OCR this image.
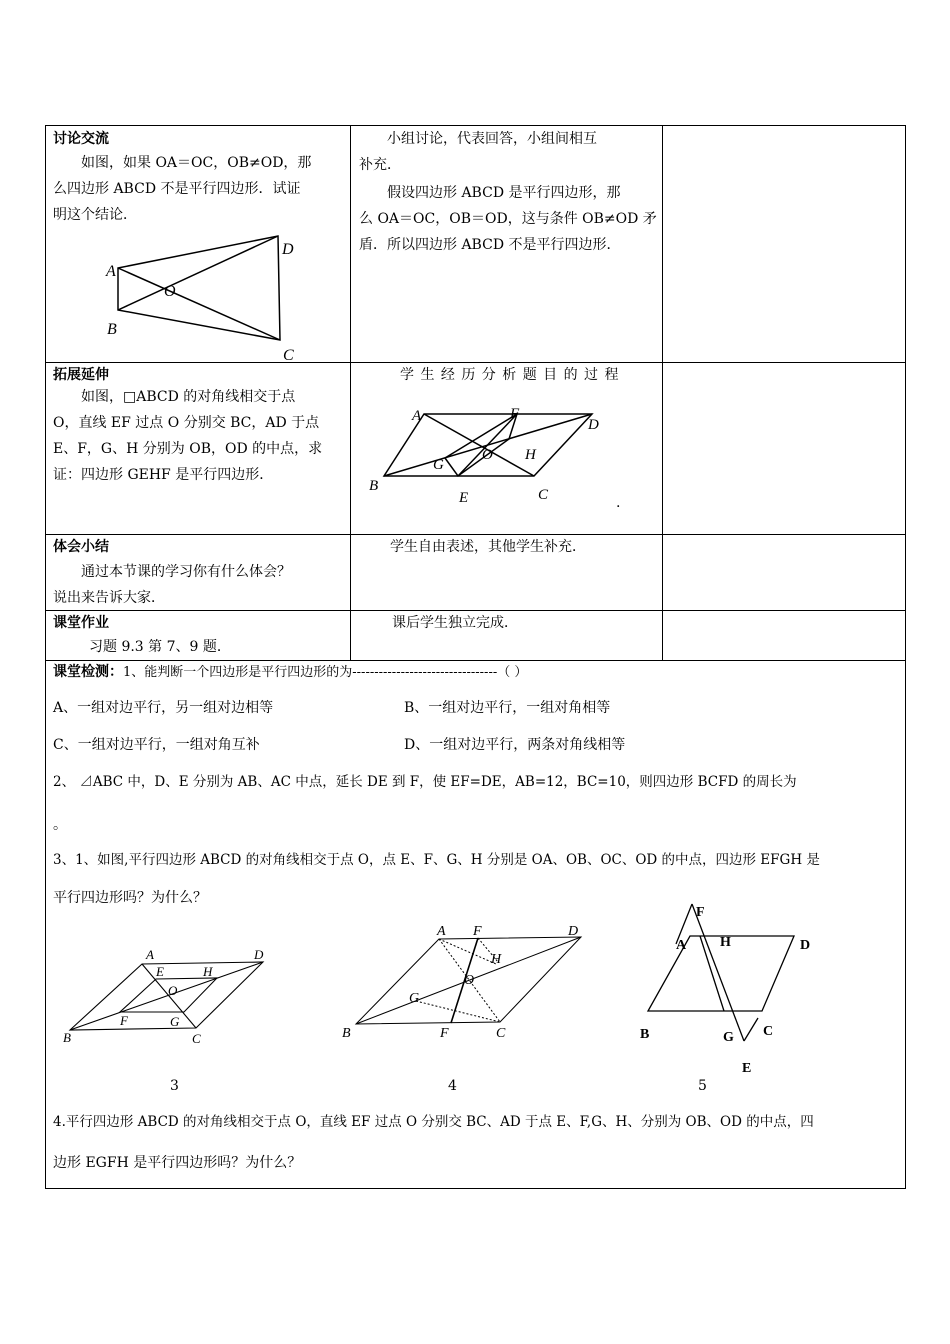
讨论交流
如图，如果 OA＝OC，OB≠OD，那
么四边形 ABCD 不是平行四边形．试证
明这个结论．
D
A
O
B
C
小组讨论，代表回答，小组间相互
补充．
假设四边形 ABCD 是平行四边形，那
么 OA＝OC，OB＝OD，这与条件 OB≠OD 矛
盾．所以四边形 ABCD 不是平行四边形．
拓展延伸
如图，□ABCD 的对角线相交于点
O，直线 EF 过点 O 分别交 BC，AD 于点
E、F，G、H 分别为 OB，OD 的中点，求
证：四边形 GEHF 是平行四边形．
学 生 经 历 分 析 题 目 的 过 程
.
A	F
D
O H
G
B
C
E
体会小结
通过本节课的学习你有什么体会？
说出来告诉大家．
学生自由表述，其他学生补充．
课堂作业
习题 9.3 第 7、9 题．
课后学生独立完成．
课堂检测：1、能判断一个四边形是平行四边形的为---------------------------------（ ）
A、一组对边平行，另一组对边相等	B、一组对边平行，一组对角相等
C、一组对边平行，一组对角互补	D、一组对边平行，两条对角线相等
2、 ⊿ABC 中，D、E 分别为 AB、AC 中点，延长 DE 到 F，使 EF=DE，AB=12，BC=10，则四边形 BCFD 的周长为
。
3、1、如图,平行四边形 ABCD 的对角线相交于点 O，点 E、F、G、H 分别是 OA、OB、OC、OD 的中点，四边形 EFGH 是
平行四边形吗？为什么？
A	D
E	H
O
F	G
B	C
3
A F	D
H
O
G
B	F	C
4
F
A H	D
B	G C
E
5
4.平行四边形 ABCD 的对角线相交于点 O，直线 EF 过点 O 分别交 BC、AD 于点 E、F,G、H、分别为 OB、OD 的中点，四
边形 EGFH 是平行四边形吗？为什么？
